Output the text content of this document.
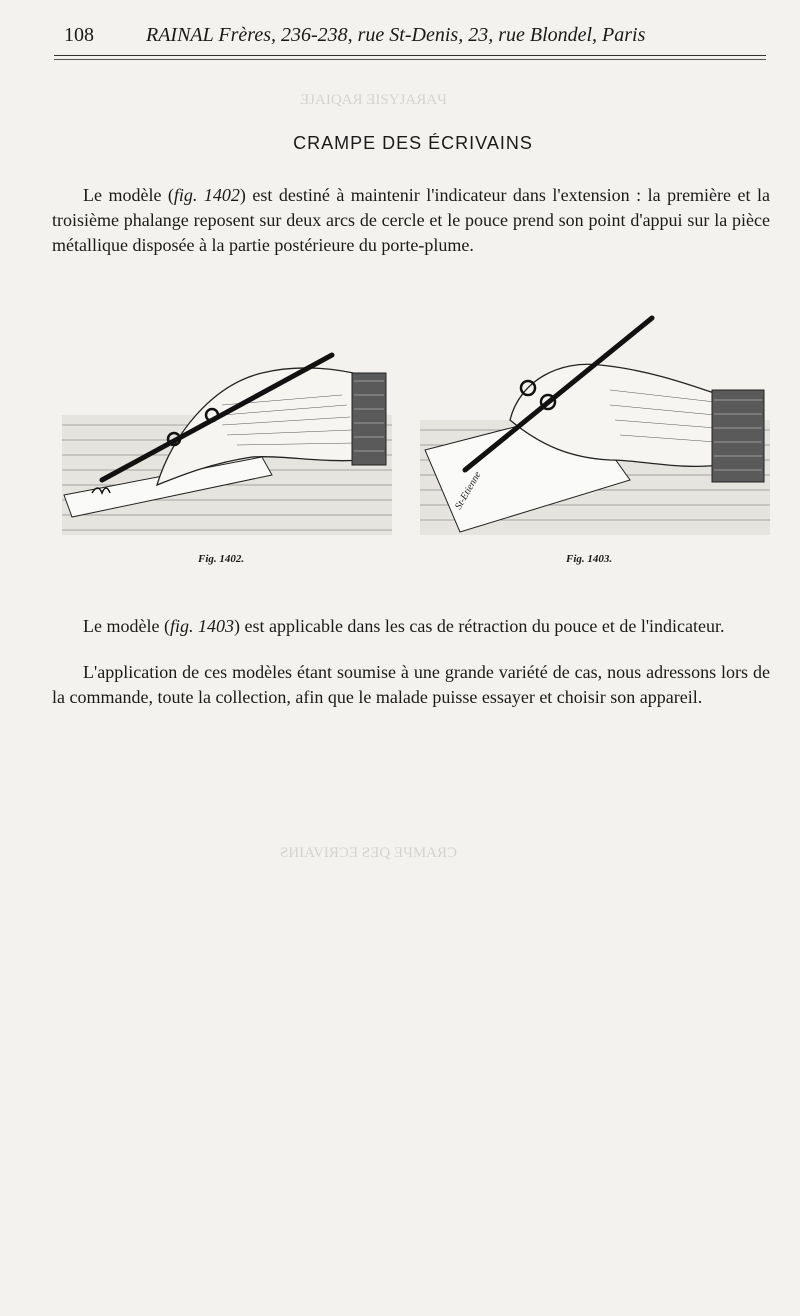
108	RAINAL Frères, 236-238, rue St-Denis, 23, rue Blondel, Paris
ƎJAIQAЯ ƎISYJAЯAЧ
ƧИIAVIЯƆƎ ƧƎQ ƎЧMAЯƆ
CRAMPE DES ÉCRIVAINS
Le modèle (fig. 1402) est destiné à maintenir l'indicateur dans l'extension : la première et la troisième phalange reposent sur deux arcs de cercle et le pouce prend son point d'appui sur la pièce métallique disposée à la partie postérieure du porte-plume.
St-Etienne
Fig. 1402.	Fig. 1403.
Le modèle (fig. 1403) est applicable dans les cas de rétraction du pouce et de l'indicateur.
L'application de ces modèles étant soumise à une grande variété de cas, nous adressons lors de la commande, toute la collection, afin que le malade puisse essayer et choisir son appareil.
